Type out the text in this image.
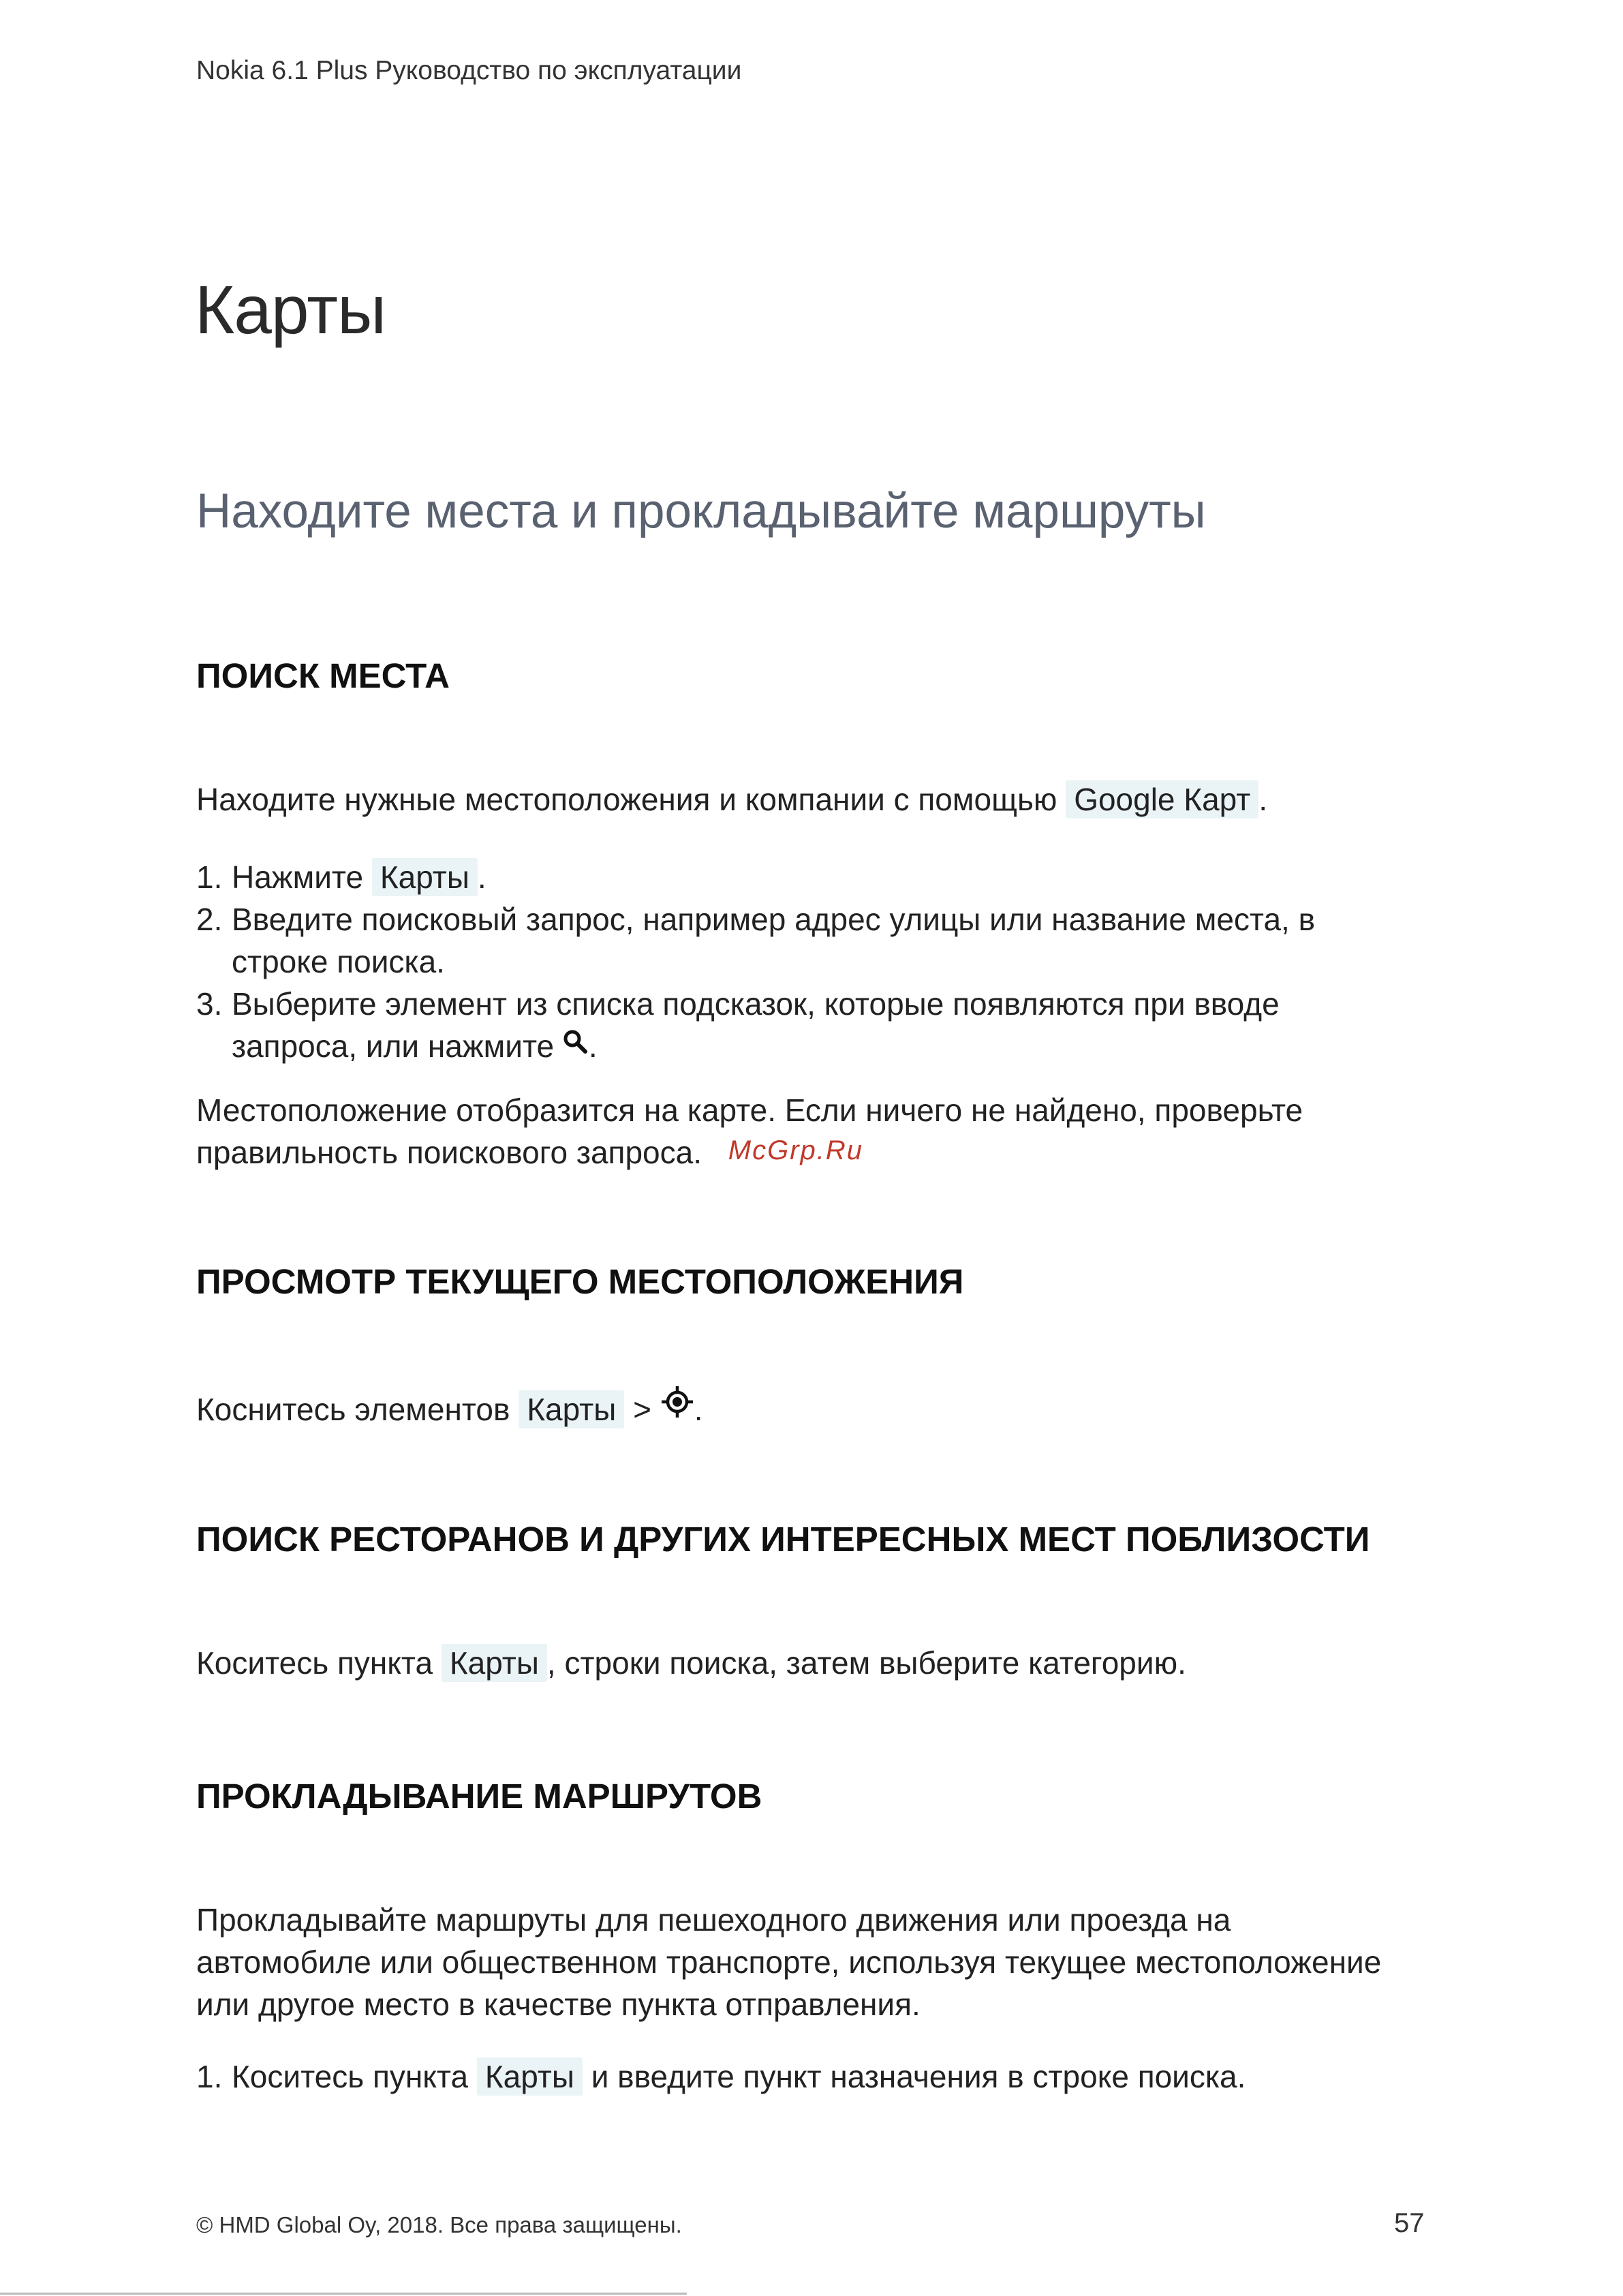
Nokia 6.1 Plus Руководство по эксплуатации
Карты
Находите места и прокладывайте маршруты
ПОИСК МЕСТА
Находите нужные местоположения и компании с помощью Google Карт .
1. Нажмите Карты .
2. Введите поисковый запрос, например адрес улицы или название места, в
строке поиска.
3. Выберите элемент из списка подсказок, которые появляются при вводе
запроса, или нажмите .
Местоположение отобразится на карте. Если ничего не найдено, проверьте
правильность поискового запроса. McGrp.Ru
ПРОСМОТР ТЕКУЩЕГО МЕСТОПОЛОЖЕНИЯ
Коснитесь элементов Карты > .
ПОИСК РЕСТОРАНОВ И ДРУГИХ ИНТЕРЕСНЫХ МЕСТ ПОБЛИЗОСТИ
Коситесь пункта Карты , строки поиска, затем выберите категорию.
ПРОКЛАДЫВАНИЕ МАРШРУТОВ
Прокладывайте маршруты для пешеходного движения или проезда на
автомобиле или общественном транспорте, используя текущее местоположение
или другое место в качестве пункта отправления.
1. Коситесь пункта Карты и введите пункт назначения в строке поиска.
© HMD Global Oy, 2018. Все права защищены.	57
